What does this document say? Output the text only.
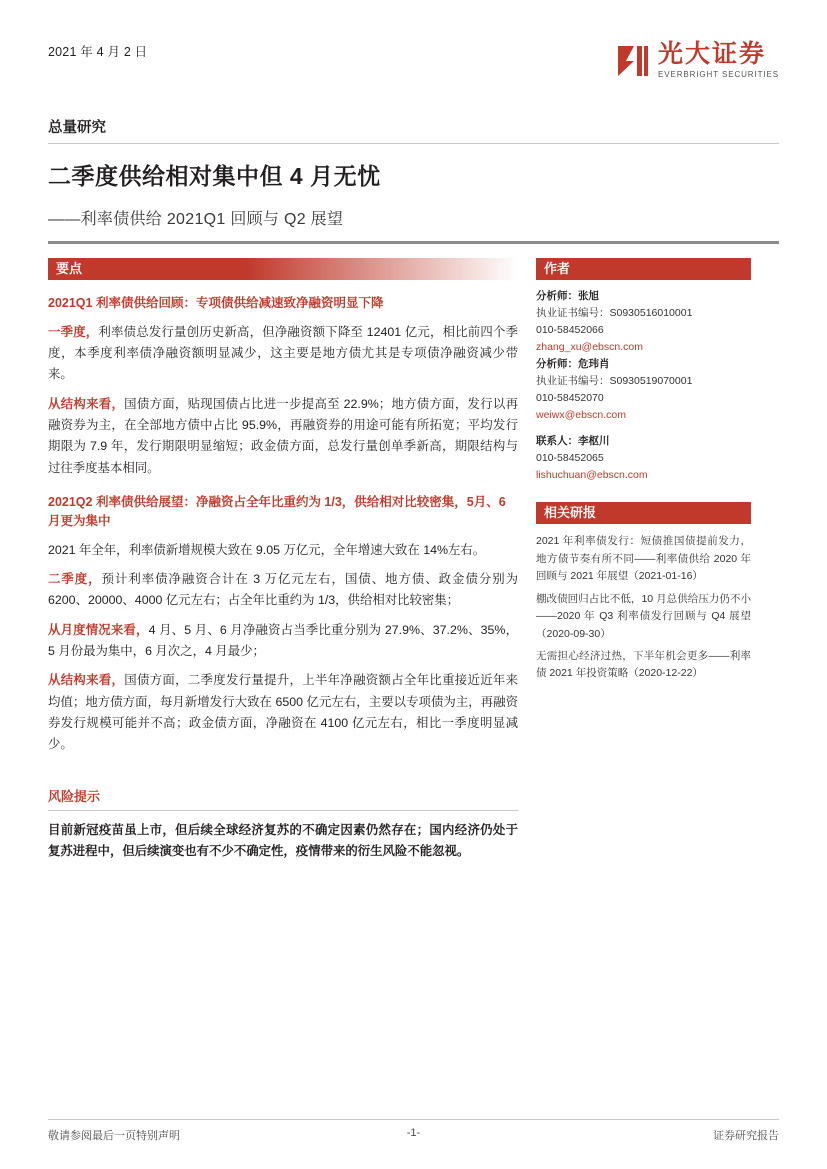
2021 年 4 月 2 日	光大证券
EVERBRIGHT SECURITIES
总量研究
二季度供给相对集中但 4 月无忧
——利率债供给 2021Q1 回顾与 Q2 展望
要点
2021Q1 利率债供给回顾：专项债供给减速致净融资明显下降

一季度，利率债总发行量创历史新高，但净融资额下降至 12401 亿元，相比前四个季度，本季度利率债净融资额明显减少，这主要是地方债尤其是专项债净融资减少带来。

从结构来看，国债方面，贴现国债占比进一步提高至 22.9%；地方债方面，发行以再融资券为主，在全部地方债中占比 95.9%，再融资券的用途可能有所拓宽；平均发行期限为 7.9 年，发行期限明显缩短；政金债方面，总发行量创单季新高，期限结构与过往季度基本相同。

2021Q2 利率债供给展望：净融资占全年比重约为 1/3，供给相对比较密集，5月、6 月更为集中

2021 年全年，利率债新增规模大致在 9.05 万亿元，全年增速大致在 14%左右。

二季度，预计利率债净融资合计在 3 万亿元左右，国债、地方债、政金债分别为 6200、20000、4000 亿元左右；占全年比重约为 1/3，供给相对比较密集；

从月度情况来看，4 月、5 月、6 月净融资占当季比重分别为 27.9%、37.2%、35%，5 月份最为集中，6 月次之，4 月最少；

从结构来看，国债方面，二季度发行量提升，上半年净融资额占全年比重接近近年来均值；地方债方面，每月新增发行大致在 6500 亿元左右，主要以专项债为主，再融资券发行规模可能并不高；政金债方面，净融资在 4100 亿元左右，相比一季度明显减少。

风险提示
目前新冠疫苗虽上市，但后续全球经济复苏的不确定因素仍然存在；国内经济仍处于复苏进程中，但后续演变也有不少不确定性，疫情带来的衍生风险不能忽视。
作者
分析师：张旭
执业证书编号：S0930516010001
010-58452066
zhang_xu@ebscn.com
分析师：危玮肖
执业证书编号：S0930519070001
010-58452070
weiwx@ebscn.com
联系人：李枢川
010-58452065
lishuchuan@ebscn.com
相关研报
2021 年利率债发行：短债推国债提前发力，地方债节奏有所不同——利率债供给 2020 年回顾与 2021 年展望（2021-01-16）
棚改债回归占比不低，10 月总供给压力仍不小——2020 年 Q3 利率债发行回顾与 Q4 展望（2020-09-30）
无需担心经济过热，下半年机会更多——利率债 2021 年投资策略（2020-12-22）
敬请参阅最后一页特别声明	证券研究报告
-1-
